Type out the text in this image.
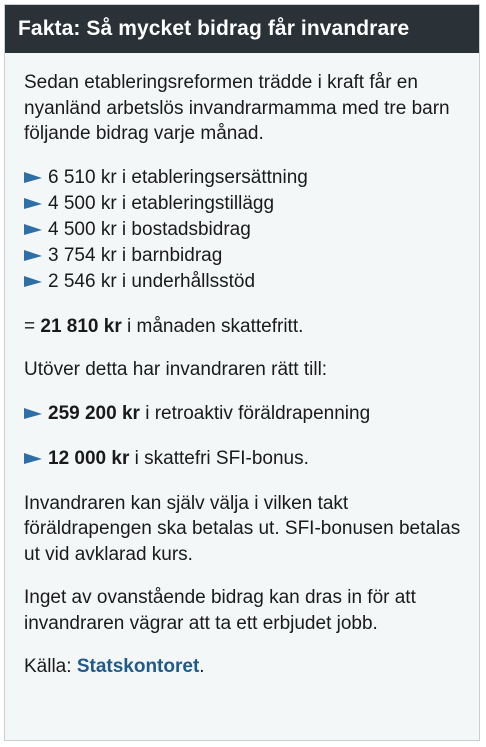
Fakta: Så mycket bidrag får invandrare

Sedan etableringsreformen trädde i kraft får en nyanländ arbetslös invandrarmamma med tre barn följande bidrag varje månad.

6 510 kr i etableringsersättning
4 500 kr i etableringstillägg
4 500 kr i bostadsbidrag
3 754 kr i barnbidrag
2 546 kr i underhållsstöd

= 21 810 kr i månaden skattefritt.

Utöver detta har invandraren rätt till:

259 200 kr i retroaktiv föräldrapenning
12 000 kr i skattefri SFI-bonus.

Invandraren kan själv välja i vilken takt föräldrapengen ska betalas ut. SFI-bonusen betalas ut vid avklarad kurs.

Inget av ovanstående bidrag kan dras in för att invandraren vägrar att ta ett erbjudet jobb.

Källa: Statskontoret.
